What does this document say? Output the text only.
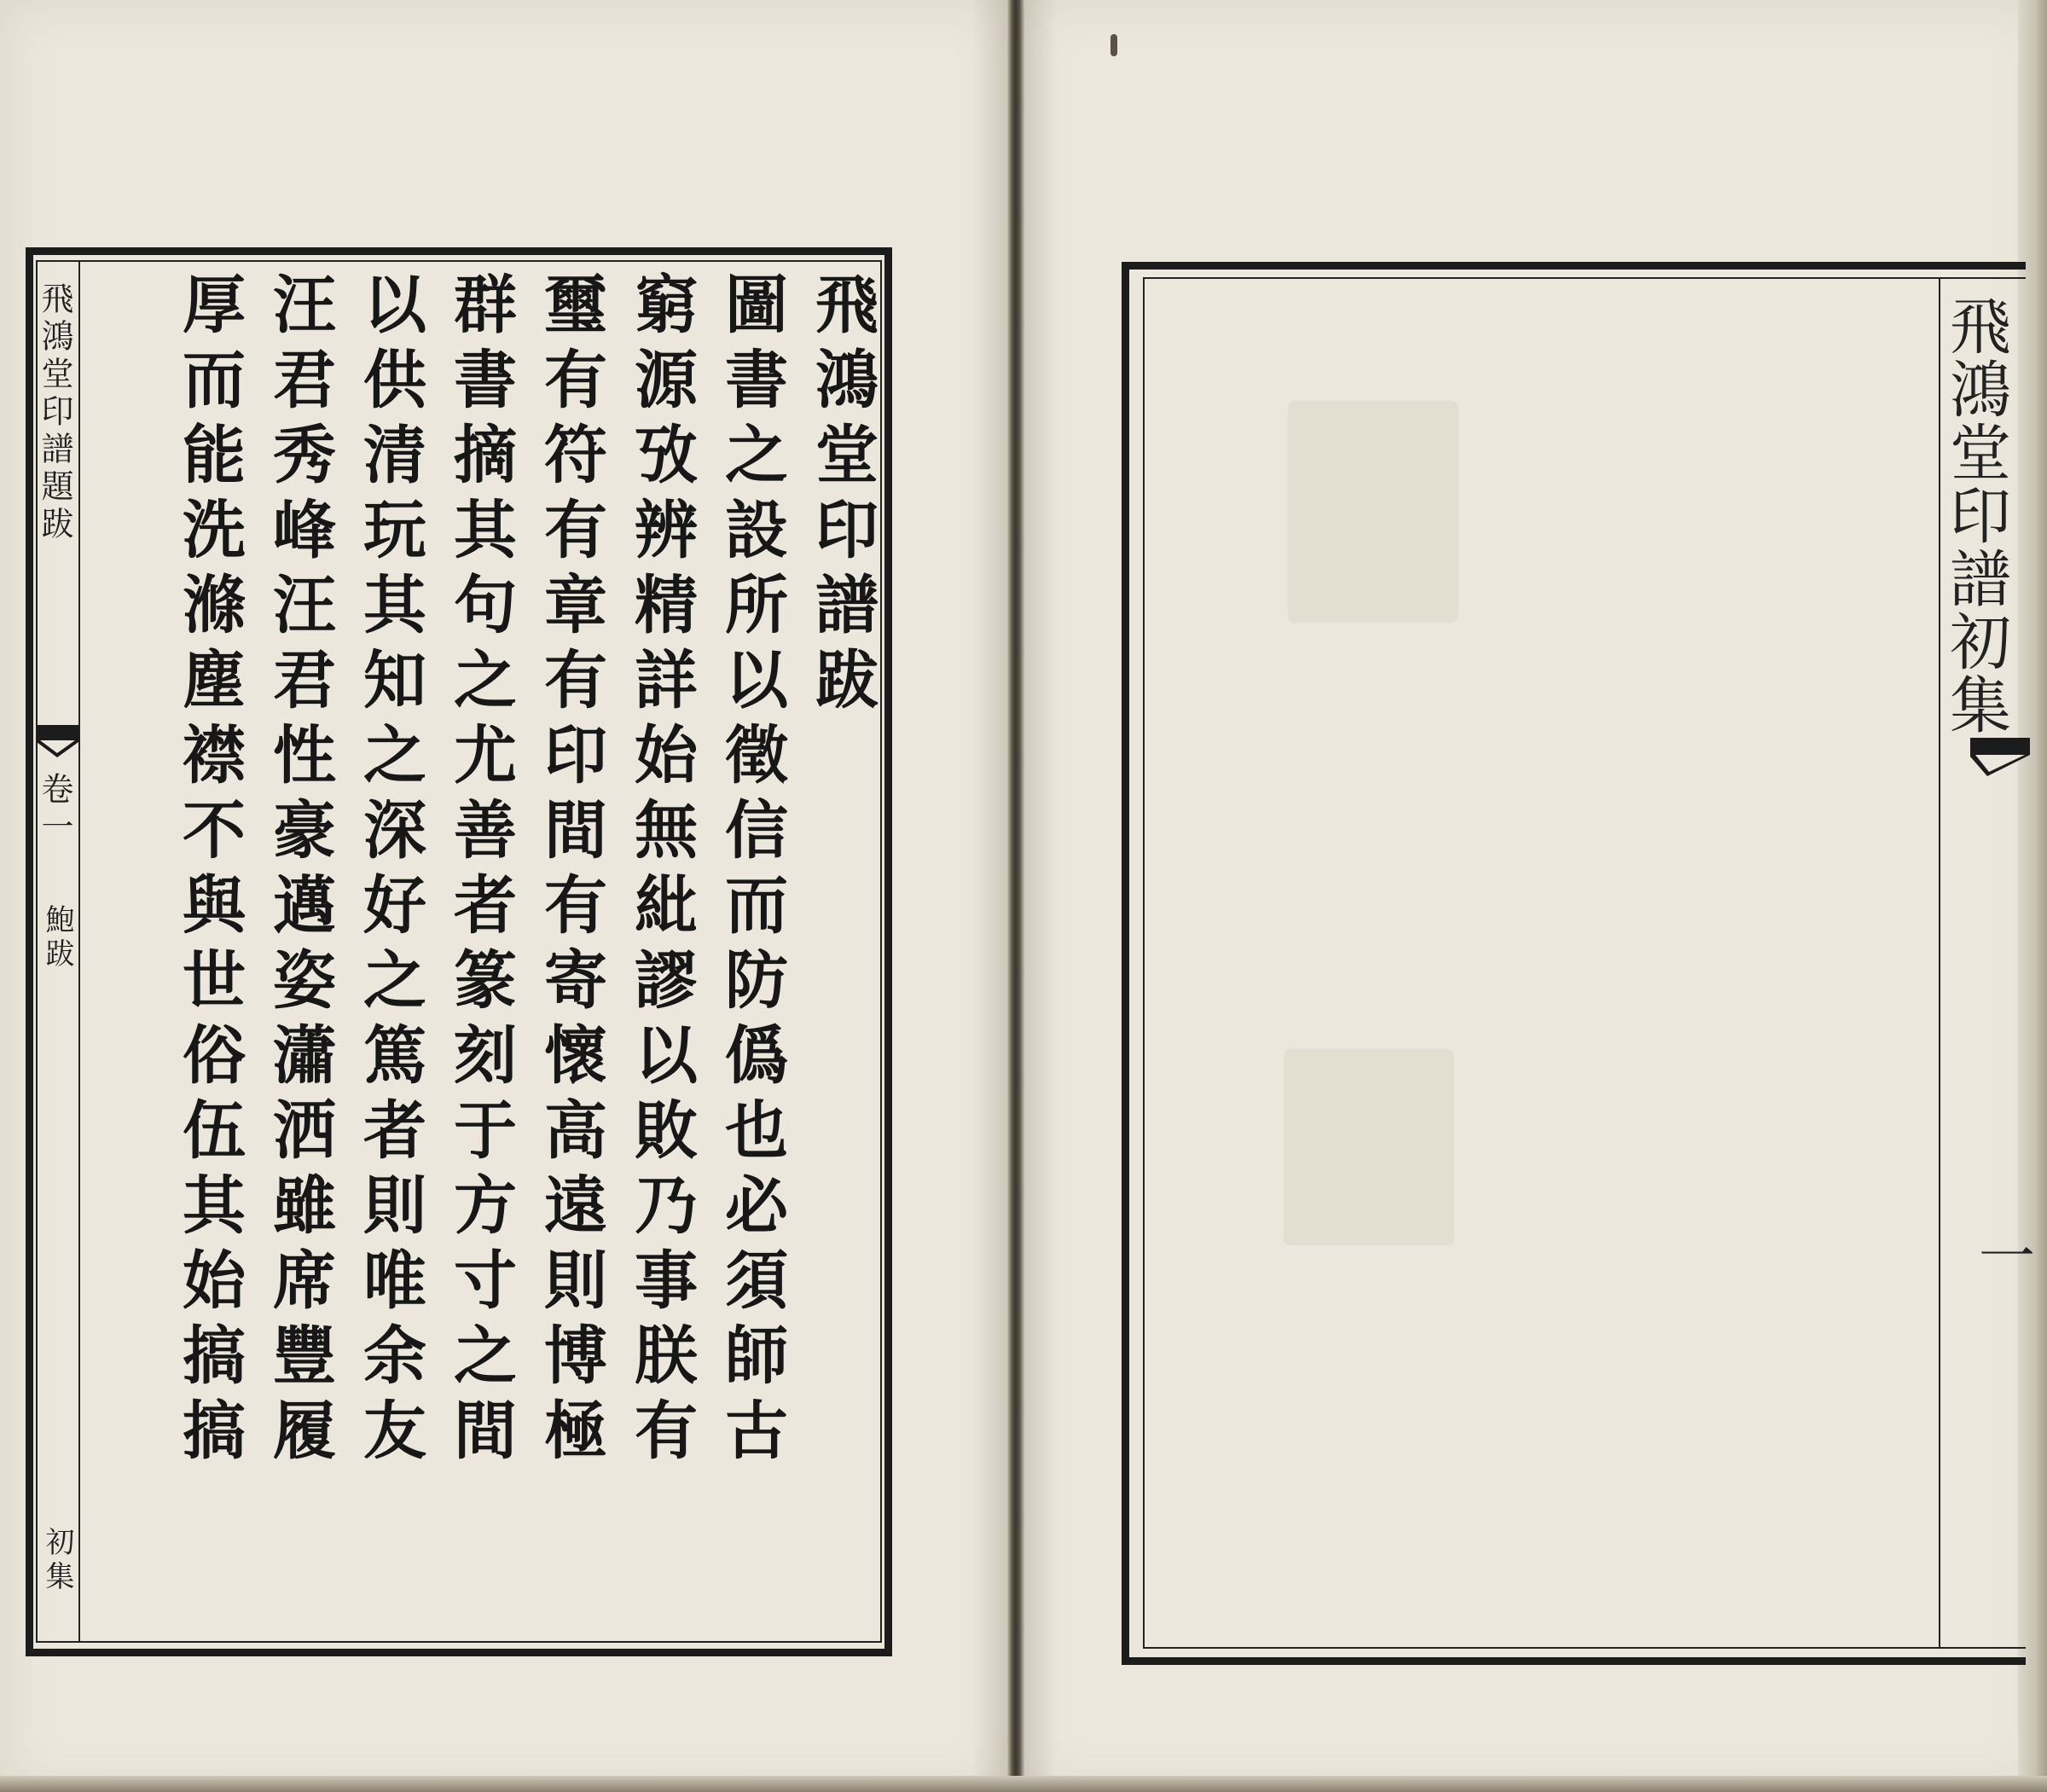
飛鴻堂印譜題跋
卷一
鮑跋
初集
飛鴻堂印譜跋
圖書之設所以徵信而防僞也必須師古
窮源攷辨精詳始無紕謬以敗乃事朕有
璽有符有章有印間有寄懷高遠則博極
群書摘其句之尤善者篆刻于方寸之間
以供清玩其知之深好之篤者則唯余友
汪君秀峰汪君性豪邁姿瀟洒雖席豐履
厚而能洗滌塵襟不與世俗伍其始搞搞	飛鴻堂印譜初集
一
